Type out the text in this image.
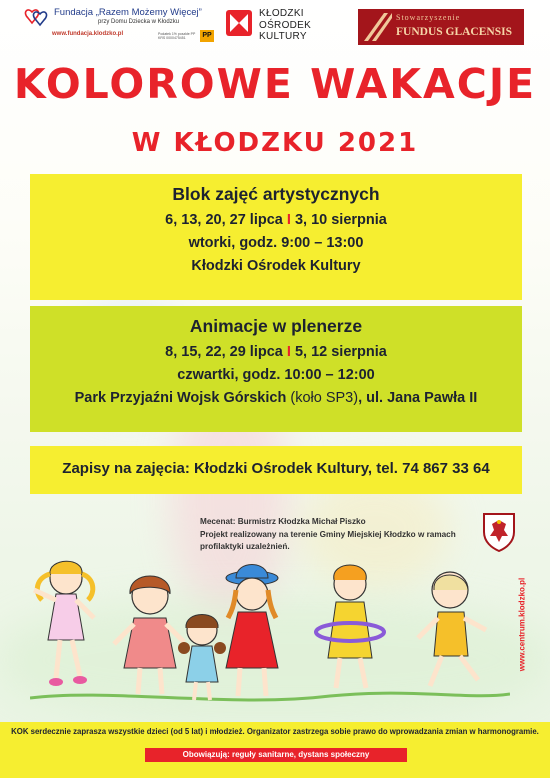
Fundacja „Razem Możemy Więcej”
przy Domu Dziecka w Kłodzku
www.fundacja.klodzko.pl	Podatek 1% poszkłe PP KRS 0000475451	PP
KŁODZKI
OŚRODEK
KULTURY
Stowarzyszenie
FUNDUS GLACENSIS
KOLOROWE WAKACJE
W KŁODZKU 2021
Blok zajęć artystycznych
6, 13, 20, 27 lipca I 3, 10 sierpnia
wtorki, godz. 9:00 – 13:00
Kłodzki Ośrodek Kultury
Animacje w plenerze
8, 15, 22, 29 lipca I 5, 12 sierpnia
czwartki, godz. 10:00 – 12:00
Park Przyjaźni Wojsk Górskich (koło SP3), ul. Jana Pawła II
Zapisy na zajęcia: Kłodzki Ośrodek Kultury, tel. 74 867 33 64
Mecenat: Burmistrz Kłodzka Michał Piszko
Projekt realizowany na terenie Gminy Miejskiej Kłodzko w ramach profilaktyki uzależnień.
www.centrum.klodzko.pl
KOK serdecznie zaprasza wszystkie dzieci (od 5 lat) i młodzież. Organizator zastrzega sobie prawo do wprowadzania zmian w harmonogramie.
Obowiązują: reguły sanitarne, dystans społeczny
